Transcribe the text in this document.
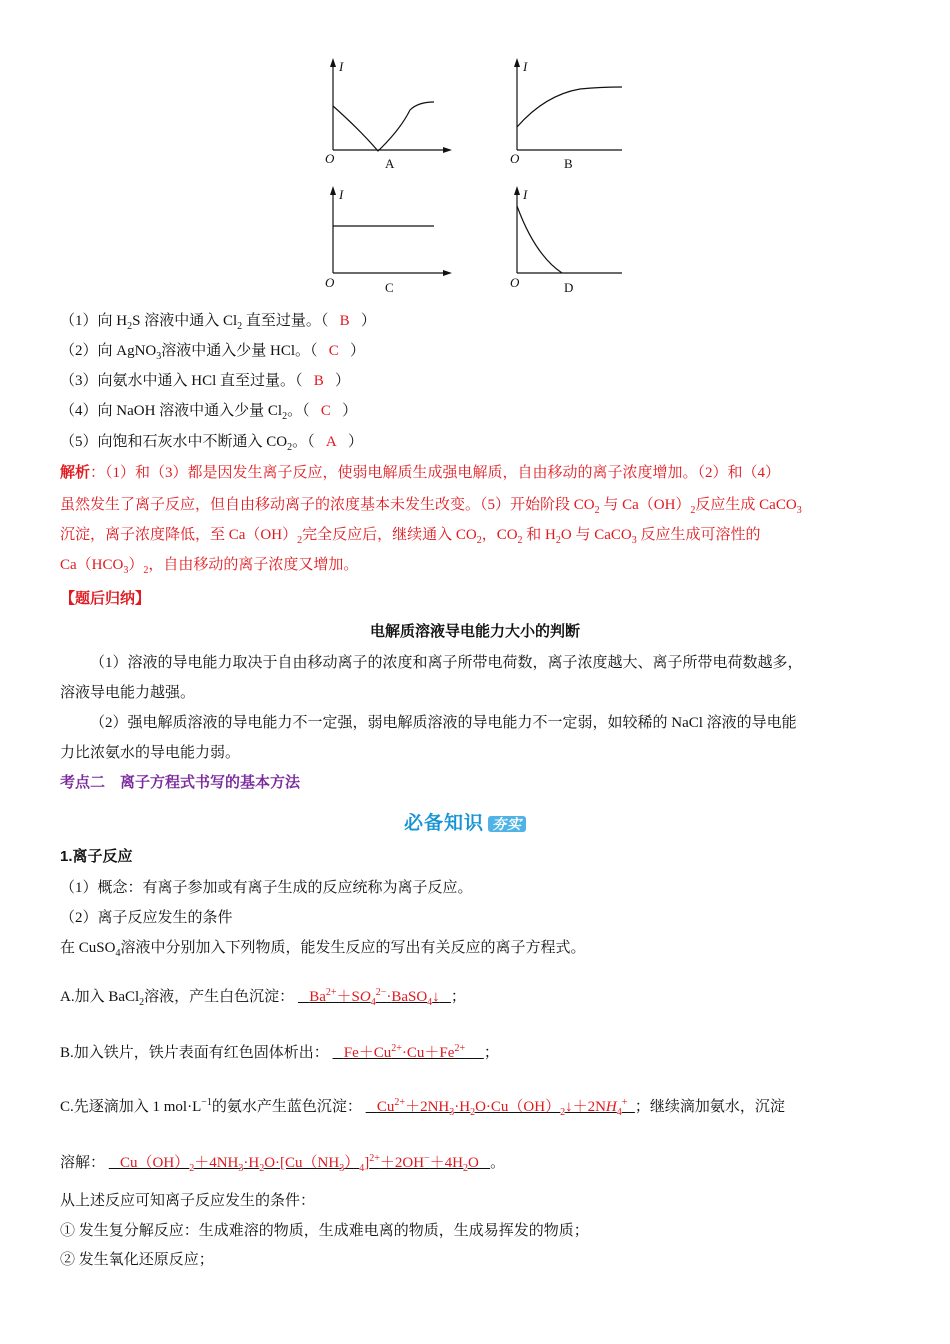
I
O	A
I
O	B
I
O	C
I
O	D
（1）向 $H_2S$ 溶液中通入 $Cl_2$ 直至过量。（ B ）
（2）向 AgNO$_3$溶液中通入少量 HCl。（ C ）
（3）向氨水中通入 HCl 直至过量。（ B ）
（4）向 NaOH 溶液中通入少量 $Cl_2$。（ C ）
（5）向饱和石灰水中不断通入 $CO_2$。（ A ）
解析：（1）和（3）都是因发生离子反应，使弱电解质生成强电解质，自由移动的离子浓度增加。（2）和（4）
虽然发生了离子反应，但自由移动离子的浓度基本未发生改变。（5）开始阶段 $CO_2$ 与 $Ca(OH)_2$反应生成 CaCO$_3$
沉淀，离子浓度降低，至 $Ca(OH)_2$完全反应后，继续通入 $CO_2$，$CO_2$ 和 $H_2O$ 与 CaCO$_3$ 反应生成可溶性的
$Ca(HCO_3)_2$，自由移动的离子浓度又增加。
【题后归纳】
电解质溶液导电能力大小的判断
（1）溶液的导电能力取决于自由移动离子的浓度和离子所带电荷数，离子浓度越大、离子所带电荷数越多，
溶液导电能力越强。
（2）强电解质溶液的导电能力不一定强，弱电解质溶液的导电能力不一定弱，如较稀的 NaCl 溶液的导电能
力比浓氨水的导电能力弱。
考点二　离子方程式书写的基本方法
必备知识 夯实
1.离子反应
（1）概念：有离子参加或有离子生成的反应统称为离子反应。
（2）离子反应发生的条件
在 CuSO$_4$溶液中分别加入下列物质，能发生反应的写出有关反应的离子方程式。
A.加入 BaCl$_2$溶液，产生白色沉淀： $Ba^{2+}+SO_4^{2-}\cdot BaSO_4↓$ ；
B.加入铁片，铁片表面有红色固体析出： $Fe+Cu^{2+}\cdot Cu+Fe^{2+}$ ；
C.先逐滴加入 1 $mol\cdot L^{-1}$的氨水产生蓝色沉淀： $Cu^{2+}+2NH_3\cdot H_2O\cdot Cu(OH)_2↓+2NH_4^+$ ；继续滴加氨水，沉淀
溶解： $Cu(OH)_2+4NH_3\cdot H_2O\cdot[Cu(NH_3)_4]^{2+}+2OH^-+4H_2O$ 。
从上述反应可知离子反应发生的条件：
① 发生复分解反应：生成难溶的物质，生成难电离的物质，生成易挥发的物质；
② 发生氧化还原反应；
